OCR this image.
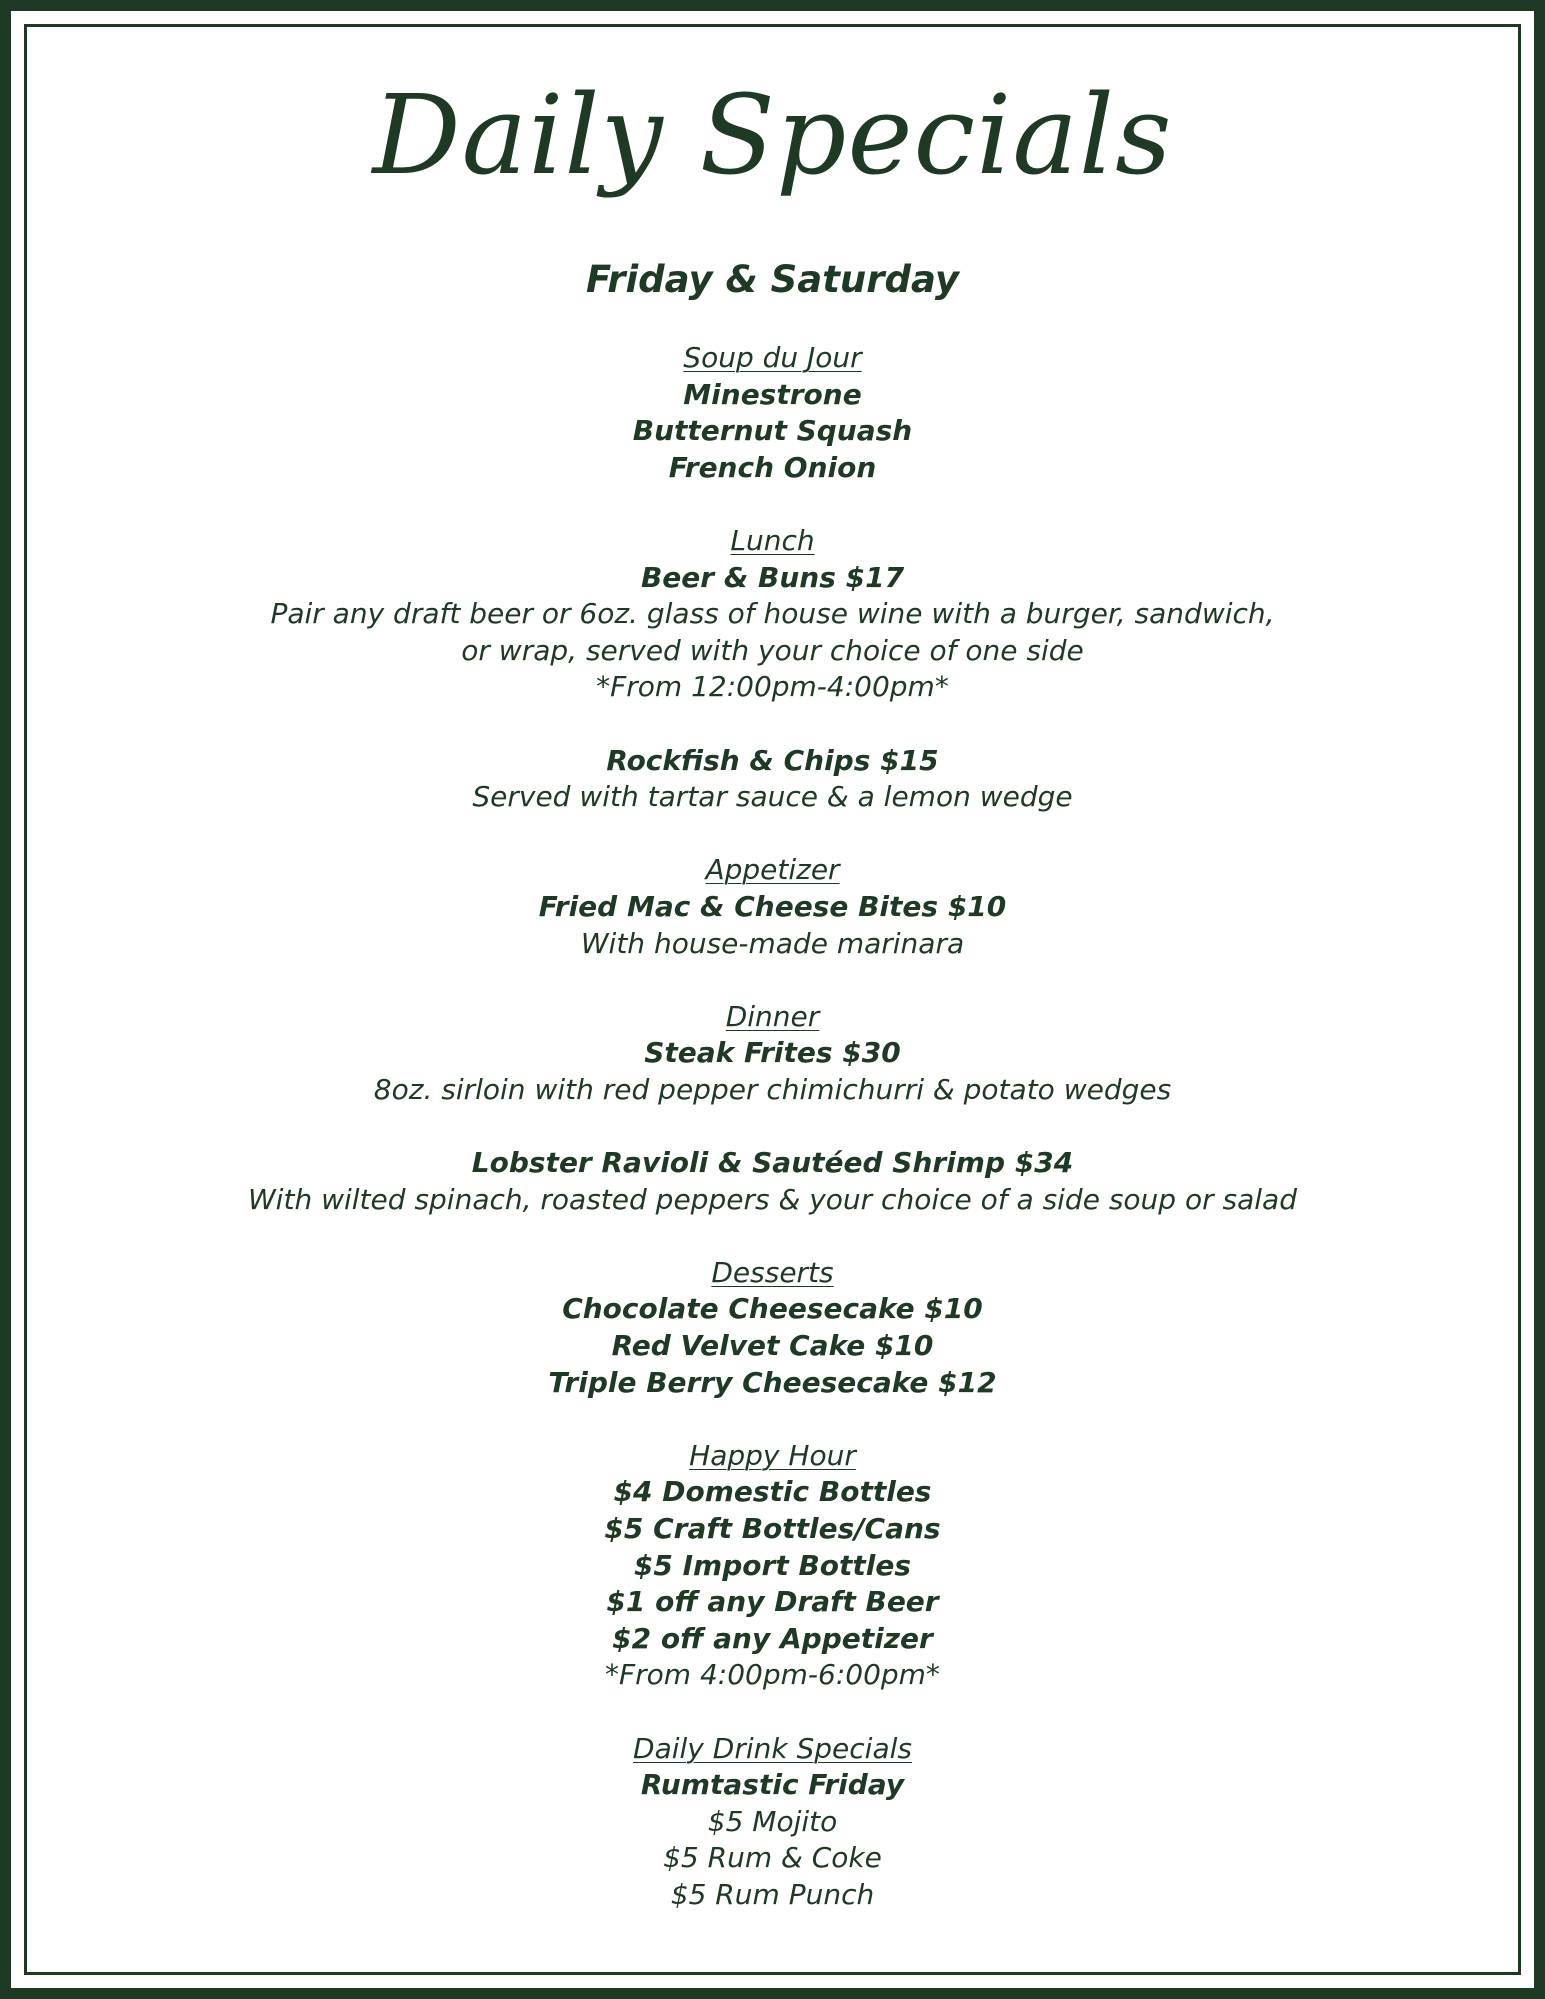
Daily Specials
Friday & Saturday
Soup du Jour
Minestrone
Butternut Squash
French Onion
Lunch
Beer & Buns $17
Pair any draft beer or 6oz. glass of house wine with a burger, sandwich,
or wrap, served with your choice of one side
*From 12:00pm-4:00pm*
Rockfish & Chips $15
Served with tartar sauce & a lemon wedge
Appetizer
Fried Mac & Cheese Bites $10
With house-made marinara
Dinner
Steak Frites $30
8oz. sirloin with red pepper chimichurri & potato wedges
Lobster Ravioli & Sautéed Shrimp $34
With wilted spinach, roasted peppers & your choice of a side soup or salad
Desserts
Chocolate Cheesecake $10
Red Velvet Cake $10
Triple Berry Cheesecake $12
Happy Hour
$4 Domestic Bottles
$5 Craft Bottles/Cans
$5 Import Bottles
$1 off any Draft Beer
$2 off any Appetizer
*From 4:00pm-6:00pm*
Daily Drink Specials
Rumtastic Friday
$5 Mojito
$5 Rum & Coke
$5 Rum Punch
